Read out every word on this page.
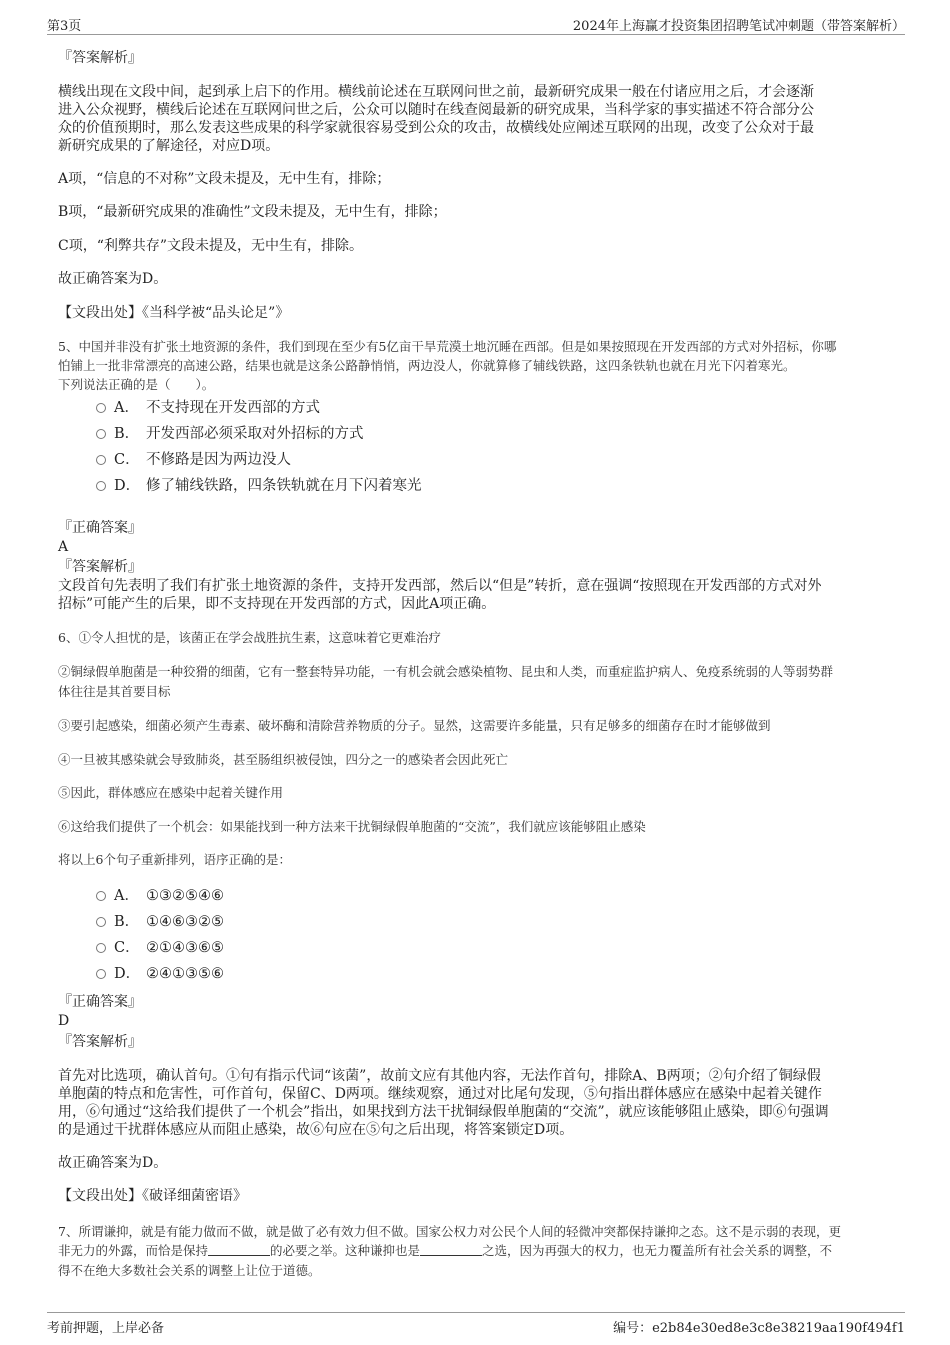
第3页	2024年上海赢才投资集团招聘笔试冲刺题（带答案解析）
『答案解析』
横线出现在文段中间，起到承上启下的作用。横线前论述在互联网问世之前，最新研究成果一般在付诸应用之后，才会逐渐
进入公众视野，横线后论述在互联网问世之后，公众可以随时在线查阅最新的研究成果，当科学家的事实描述不符合部分公
众的价值预期时，那么发表这些成果的科学家就很容易受到公众的攻击，故横线处应阐述互联网的出现，改变了公众对于最
新研究成果的了解途径，对应D项。
A项，“信息的不对称”文段未提及，无中生有，排除；
B项，“最新研究成果的准确性”文段未提及，无中生有，排除；
C项，“利弊共存”文段未提及，无中生有，排除。
故正确答案为D。
【文段出处】《当科学被“品头论足”》
5、中国并非没有扩张土地资源的条件，我们到现在至少有5亿亩干旱荒漠土地沉睡在西部。但是如果按照现在开发西部的方式对外招标，你哪
怕铺上一批非常漂亮的高速公路，结果也就是这条公路静悄悄，两边没人，你就算修了辅线铁路，这四条铁轨也就在月光下闪着寒光。
下列说法正确的是（　　）。
A． 不支持现在开发西部的方式
B． 开发西部必须采取对外招标的方式
C． 不修路是因为两边没人
D． 修了辅线铁路，四条铁轨就在月下闪着寒光
『正确答案』
A
『答案解析』
文段首句先表明了我们有扩张土地资源的条件，支持开发西部，然后以“但是”转折，意在强调“按照现在开发西部的方式对外
招标”可能产生的后果，即不支持现在开发西部的方式，因此A项正确。
6、①令人担忧的是，该菌正在学会战胜抗生素，这意味着它更难治疗
②铜绿假单胞菌是一种狡猾的细菌，它有一整套特异功能，一有机会就会感染植物、昆虫和人类，而重症监护病人、免疫系统弱的人等弱势群
体往往是其首要目标
③要引起感染，细菌必须产生毒素、破坏酶和清除营养物质的分子。显然，这需要许多能量，只有足够多的细菌存在时才能够做到
④一旦被其感染就会导致肺炎，甚至肠组织被侵蚀，四分之一的感染者会因此死亡
⑤因此，群体感应在感染中起着关键作用
⑥这给我们提供了一个机会：如果能找到一种方法来干扰铜绿假单胞菌的“交流”，我们就应该能够阻止感染
将以上6个句子重新排列，语序正确的是：
A． ①③②⑤④⑥
B． ①④⑥③②⑤
C． ②①④③⑥⑤
D． ②④①③⑤⑥
『正确答案』
D
『答案解析』
首先对比选项，确认首句。①句有指示代词“该菌”，故前文应有其他内容，无法作首句，排除A、B两项；②句介绍了铜绿假
单胞菌的特点和危害性，可作首句，保留C、D两项。继续观察，通过对比尾句发现，⑤句指出群体感应在感染中起着关键作
用，⑥句通过“这给我们提供了一个机会”指出，如果找到方法干扰铜绿假单胞菌的“交流”，就应该能够阻止感染，即⑥句强调
的是通过干扰群体感应从而阻止感染，故⑥句应在⑤句之后出现，将答案锁定D项。
故正确答案为D。
【文段出处】《破译细菌密语》
7、所谓谦抑，就是有能力做而不做，就是做了必有效力但不做。国家公权力对公民个人间的轻微冲突都保持谦抑之态。这不是示弱的表现，更
非无力的外露，而恰是保持	的必要之举。这种谦抑也是	之选，因为再强大的权力，也无力覆盖所有社会关系的调整，不
得不在绝大多数社会关系的调整上让位于道德。
考前押题，上岸必备	编号：e2b84e30ed8e3c8e38219aa190f494f1
